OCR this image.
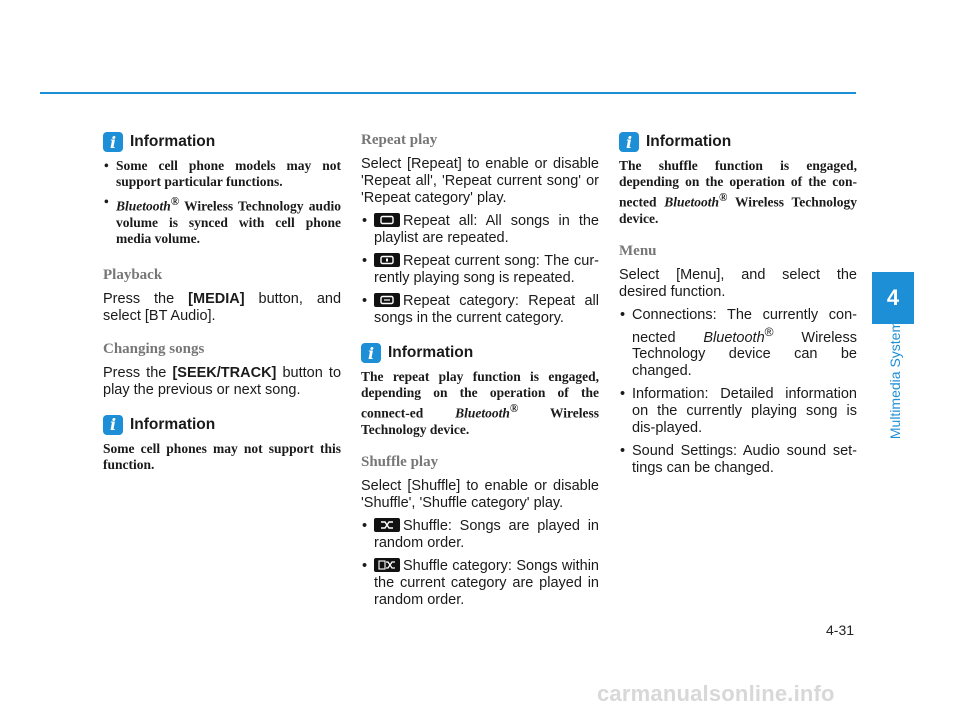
i Information
• Some cell phone models may not support particular functions.
• Bluetooth® Wireless Technology audio volume is synced with cell phone media volume.
Playback
Press the [MEDIA] button, and select [BT Audio].
Changing songs
Press the [SEEK/TRACK] button to play the previous or next song.
i Information
Some cell phones may not support this function.
Repeat play
Select [Repeat] to enable or disable 'Repeat all', 'Repeat current song' or 'Repeat category' play.
• Repeat all: All songs in the playlist are repeated.
• Repeat current song: The cur-rently playing song is repeated.
• Repeat category: Repeat all songs in the current category.
i Information
The repeat play function is engaged, depending on the operation of the connect-ed Bluetooth® Wireless Technology device.
Shuffle play
Select [Shuffle] to enable or disable 'Shuffle', 'Shuffle category' play.
• Shuffle: Songs are played in random order.
• Shuffle category: Songs within the current category are played in random order.
i Information
The shuffle function is engaged, depending on the operation of the con-nected Bluetooth® Wireless Technology device.
Menu
Select [Menu], and select the desired function.
• Connections: The currently con-nected Bluetooth® Wireless Technology device can be changed.
• Information: Detailed information on the currently playing song is dis-played.
• Sound Settings: Audio sound set-tings can be changed.
4
Multimedia System
4-31
carmanualsonline.info
